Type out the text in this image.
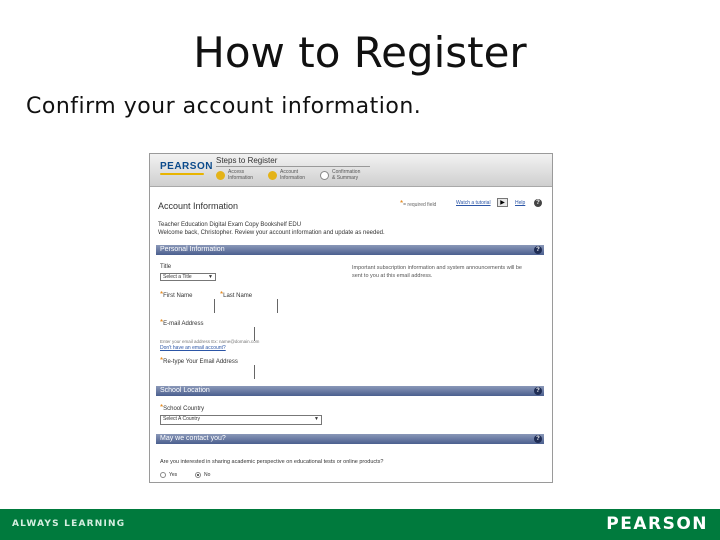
How to Register
Confirm your account information.
PEARSON
Steps to Register
Access Information
Account Information
Confirmation & Summary
Account Information	*= required field	Watch a tutorial	▶	Help	?
Teacher Education Digital Exam Copy Bookshelf EDU
Welcome back, Christopher. Review your account information and update as needed.
Personal Information	?
Title
Select a Title	▼
Important subscription information and system announcements will be sent to you at this email address.
*First Name	*Last Name
*E-mail Address
Enter your email address Ex: name@domain.com
Don't have an email account?
*Re-type Your Email Address
School Location	?
*School Country
Select A Country	▼
May we contact you?	?
Are you interested in sharing academic perspective on educational tests or online products?
Yes	No
ALWAYS LEARNING	PEARSON
